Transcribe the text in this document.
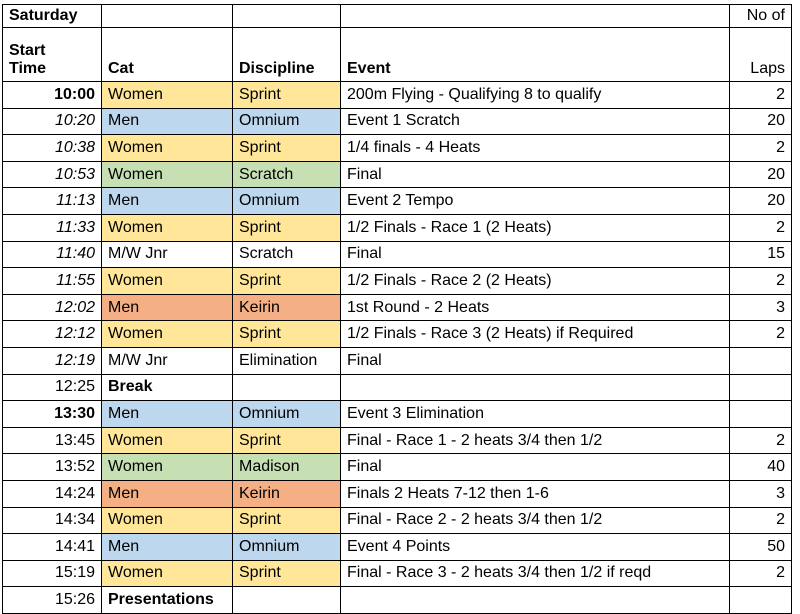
Saturday				No of
Start
Time	Cat	Discipline	Event	Laps
10:00	Women	Sprint	200m Flying - Qualifying 8 to qualify	2
10:20	Men	Omnium	Event 1 Scratch	20
10:38	Women	Sprint	1/4 finals - 4 Heats	2
10:53	Women	Scratch	Final	20
11:13	Men	Omnium	Event 2 Tempo	20
11:33	Women	Sprint	1/2 Finals - Race 1 (2 Heats)	2
11:40	M/W Jnr	Scratch	Final	15
11:55	Women	Sprint	1/2 Finals - Race 2 (2 Heats)	2
12:02	Men	Keirin	1st Round - 2 Heats	3
12:12	Women	Sprint	1/2 Finals - Race 3 (2 Heats) if Required	2
12:19	M/W Jnr	Elimination	Final	
12:25	Break			
13:30	Men	Omnium	Event 3 Elimination	
13:45	Women	Sprint	Final - Race 1 - 2 heats 3/4 then 1/2	2
13:52	Women	Madison	Final	40
14:24	Men	Keirin	Finals 2 Heats 7-12 then 1-6	3
14:34	Women	Sprint	Final - Race 2 - 2 heats 3/4 then 1/2	2
14:41	Men	Omnium	Event 4 Points	50
15:19	Women	Sprint	Final - Race 3 - 2 heats 3/4 then 1/2 if reqd	2
15:26	Presentations			
